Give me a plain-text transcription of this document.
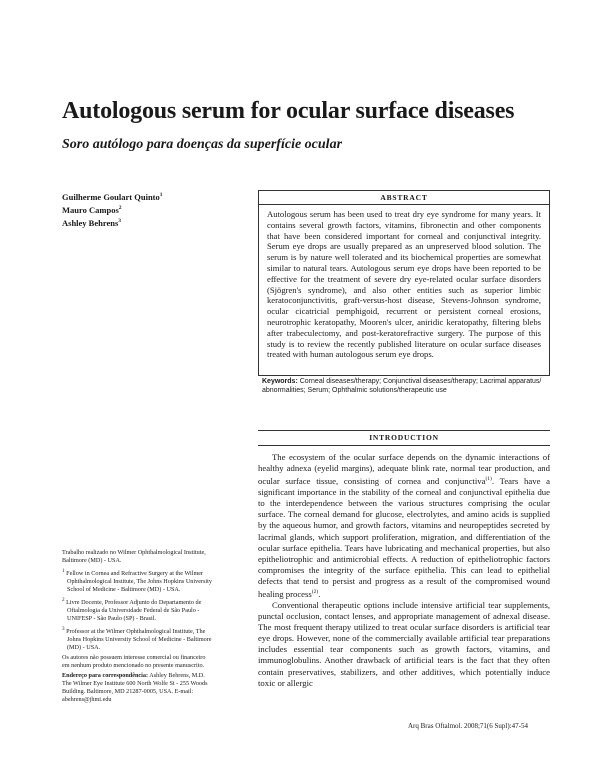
Autologous serum for ocular surface diseases
Soro autólogo para doenças da superfície ocular
Guilherme Goulart Quinto$^1$
Mauro Campos$^2$
Ashley Behrens$^3$
ABSTRACT
Autologous serum has been used to treat dry eye syndrome for many years. It contains several growth factors, vitamins, fibronectin and other components that have been considered important for corneal and conjunctival integrity. Serum eye drops are usually prepared as an unpreserved blood solution. The serum is by nature well tolerated and its biochemical properties are somewhat similar to natural tears. Autologous serum eye drops have been reported to be effective for the treatment of severe dry eye-related ocular surface disorders (Sjögren's syndrome), and also other entities such as superior limbic keratoconjunctivitis, graft-versus-host disease, Stevens-Johnson syndrome, ocular cicatricial pemphigoid, recurrent or persistent corneal erosions, neurotrophic keratopathy, Mooren's ulcer, aniridic keratopathy, filtering blebs after trabeculectomy, and post-keratorefractive surgery. The purpose of this study is to review the recently published literature on ocular surface diseases treated with human autologous serum eye drops.
Keywords: Corneal diseases/therapy; Conjunctival diseases/therapy; Lacrimal apparatus/ abnormalities; Serum; Ophthalmic solutions/therapeutic use
INTRODUCTION

The ecosystem of the ocular surface depends on the dynamic interactions of healthy adnexa (eyelid margins), adequate blink rate, normal tear production, and ocular surface tissue, consisting of cornea and conjunctiva$^{(1)}$. Tears have a significant importance in the stability of the corneal and conjunctival epithelia due to the interdependence between the various structures comprising the ocular surface. The corneal demand for glucose, electrolytes, and amino acids is supplied by the aqueous humor, and growth factors, vitamins and neuropeptides secreted by lacrimal glands, which support proliferation, migration, and differentiation of the ocular surface epithelia. Tears have lubricating and mechanical properties, but also epitheliotrophic and antimicrobial effects. A reduction of epitheliotrophic factors compromises the integrity of the surface epithelia. This can lead to epithelial defects that tend to persist and progress as a result of the compromised wound healing process$^{(2)}$.

Conventional therapeutic options include intensive artificial tear supplements, punctal occlusion, contact lenses, and appropriate management of adnexal disease. The most frequent therapy utilized to treat ocular surface disorders is artificial tear eye drops. However, none of the commercially available artificial tear preparations includes essential tear components such as growth factors, vitamins, and immunoglobulins. Another drawback of artificial tears is the fact that they often contain preservatives, stabilizers, and other additives, which potentially induce toxic or allergic

Trabalho realizado no Wilmer Ophthalmological Institute, Baltimore (MD) - USA.

$^1$ Fellow in Cornea and Refractive Surgery at the Wilmer Ophthalmological Institute, The Johns Hopkins University School of Medicine - Baltimore (MD) - USA.

$^2$ Livre Docente, Professor Adjunto do Departamento de Oftalmologia da Universidade Federal de São Paulo - UNIFESP - São Paulo (SP) - Brasil.

$^3$ Professor at the Wilmer Ophthalmological Institute, The Johns Hopkins University School of Medicine - Baltimore (MD) - USA.

Os autores não possuem interesse comercial ou financeiro em nenhum produto mencionado no presente manuscrito.

Endereço para correspondência: Ashley Behrens, M.D. The Wilmer Eye Institute 600 North Wolfe St - 255 Woods Building. Baltimore, MD 21287-0005, USA. E-mail: abehrens@jhmi.edu

Arq Bras Oftalmol. 2008;71(6 Supl):47-54
